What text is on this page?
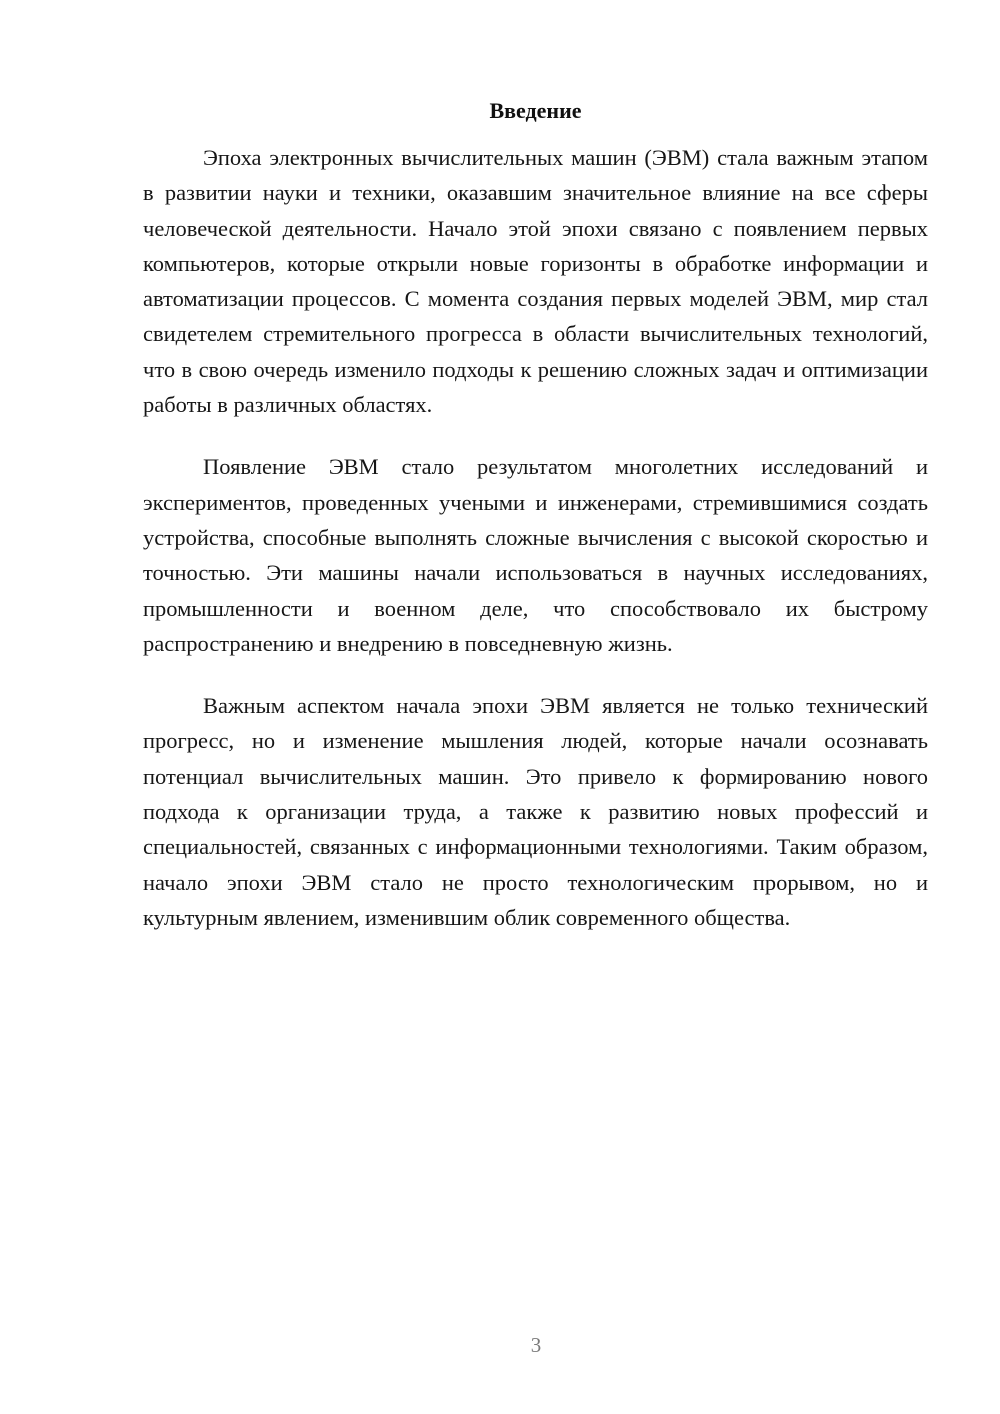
Введение

Эпоха электронных вычислительных машин (ЭВМ) стала важным этапом в развитии науки и техники, оказавшим значительное влияние на все сферы человеческой деятельности. Начало этой эпохи связано с появлением первых компьютеров, которые открыли новые горизонты в обработке информации и автоматизации процессов. С момента создания первых моделей ЭВМ, мир стал свидетелем стремительного прогресса в области вычислительных технологий, что в свою очередь изменило подходы к решению сложных задач и оптимизации работы в различных областях.

Появление ЭВМ стало результатом многолетних исследований и экспериментов, проведенных учеными и инженерами, стремившимися создать устройства, способные выполнять сложные вычисления с высокой скоростью и точностью. Эти машины начали использоваться в научных исследованиях, промышленности и военном деле, что способствовало их быстрому распространению и внедрению в повседневную жизнь.

Важным аспектом начала эпохи ЭВМ является не только технический прогресс, но и изменение мышления людей, которые начали осознавать потенциал вычислительных машин. Это привело к формированию нового подхода к организации труда, а также к развитию новых профессий и специальностей, связанных с информационными технологиями. Таким образом, начало эпохи ЭВМ стало не просто технологическим прорывом, но и культурным явлением, изменившим облик современного общества.

3
